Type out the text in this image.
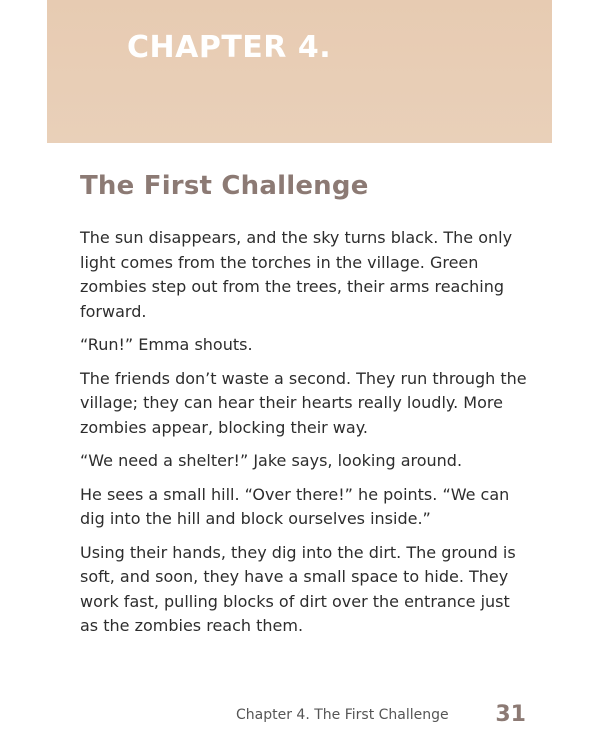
CHAPTER 4.
The First Challenge

The sun disappears, and the sky turns black. The only light comes from the torches in the village. Green zombies step out from the trees, their arms reaching forward.

“Run!” Emma shouts.

The friends don’t waste a second. They run through the village; they can hear their hearts really loudly. More zombies appear, blocking their way.

“We need a shelter!” Jake says, looking around.

He sees a small hill. “Over there!” he points. “We can dig into the hill and block ourselves inside.”

Using their hands, they dig into the dirt. The ground is soft, and soon, they have a small space to hide. They work fast, pulling blocks of dirt over the entrance just as the zombies reach them.

Chapter 4. The First Challenge 31
